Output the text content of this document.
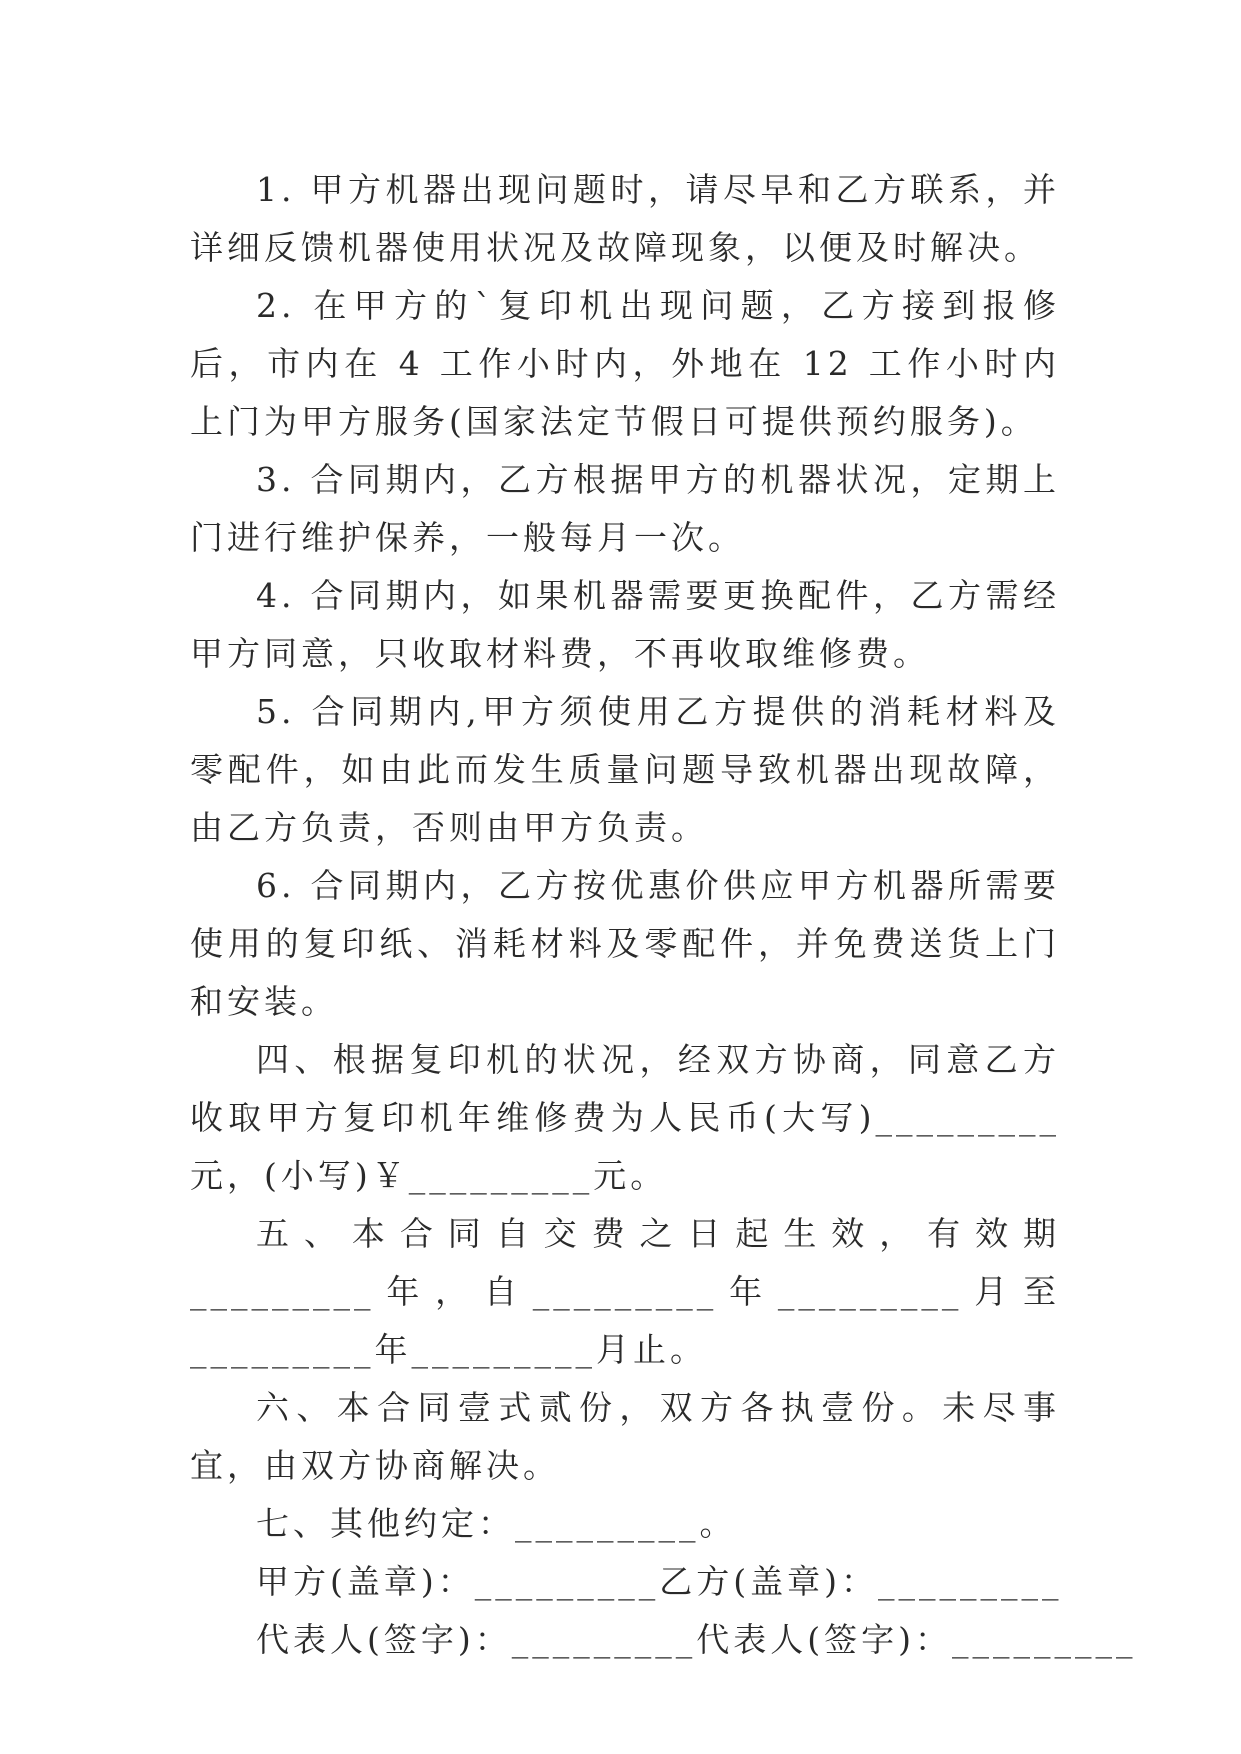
1. 甲方机器出现问题时，请尽早和乙方联系，并详细反馈机器使用状况及故障现象，以便及时解决。

2. 在甲方的`复印机出现问题，乙方接到报修后，市内在 4 工作小时内，外地在 12 工作小时内上门为甲方服务(国家法定节假日可提供预约服务)。

3. 合同期内，乙方根据甲方的机器状况，定期上门进行维护保养，一般每月一次。

4. 合同期内，如果机器需要更换配件，乙方需经甲方同意，只收取材料费，不再收取维修费。

5. 合同期内,甲方须使用乙方提供的消耗材料及零配件，如由此而发生质量问题导致机器出现故障，由乙方负责，否则由甲方负责。

6. 合同期内，乙方按优惠价供应甲方机器所需要使用的复印纸、消耗材料及零配件，并免费送货上门和安装。

四、根据复印机的状况，经双方协商，同意乙方收取甲方复印机年维修费为人民币(大写)_________元，(小写)￥_________元。

五、本合同自交费之日起生效，有效期_________年，自_________年_________月至_________年_________月止。

六、本合同壹式贰份，双方各执壹份。未尽事宜，由双方协商解决。

七、其他约定：_________。

甲方(盖章)：_________乙方(盖章)：_________

代表人(签字)：_________代表人(签字)：_________
